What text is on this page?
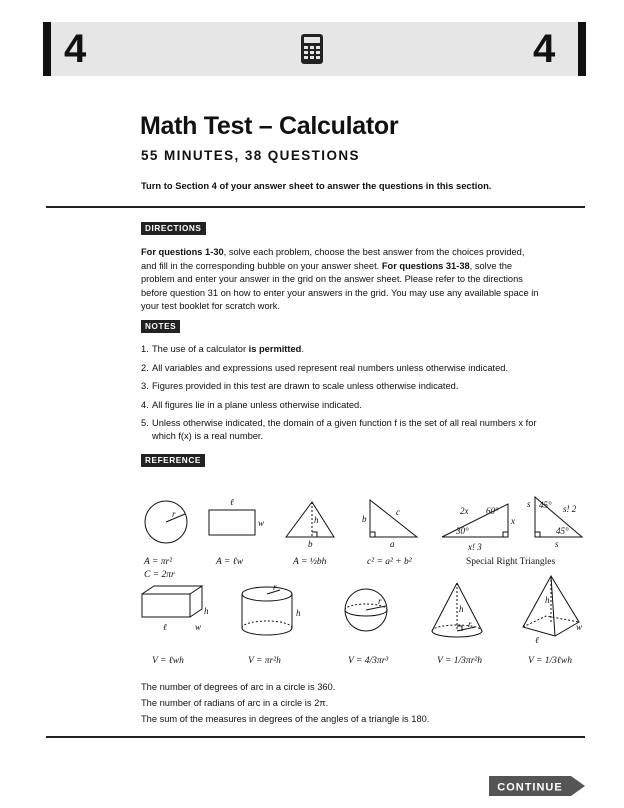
4	4
Math Test – Calculator
55 MINUTES, 38 QUESTIONS
Turn to Section 4 of your answer sheet to answer the questions in this section.
DIRECTIONS
For questions 1-30, solve each problem, choose the best answer from the choices provided, and fill in the corresponding bubble on your answer sheet. For questions 31-38, solve the problem and enter your answer in the grid on the answer sheet. Please refer to the directions before question 31 on how to enter your answers in the grid. You may use any available space in your test booklet for scratch work.
NOTES
1. The use of a calculator is permitted.
2. All variables and expressions used represent real numbers unless otherwise indicated.
3. Figures provided in this test are drawn to scale unless otherwise indicated.
4. All figures lie in a plane unless otherwise indicated.
5. Unless otherwise indicated, the domain of a given function f is the set of all real numbers x for
which f(x) is a real number.
REFERENCE
r
ℓ
w	h
b
b
c
a
2x 60°
x
30°
x! 3
s 45° s! 2
45°
s
h
w
ℓ
r
h
r
h
r
h
w
ℓ
A = πr²
C = 2πr
A = ℓw	A = ½bh	c² = a² + b²	Special Right Triangles
V = ℓwh	V = πr²h	V = 4/3πr³	V = 1/3πr²h	V = 1/3ℓwh
The number of degrees of arc in a circle is 360.
The number of radians of arc in a circle is 2π.
The sum of the measures in degrees of the angles of a triangle is 180.
CONTINUE
